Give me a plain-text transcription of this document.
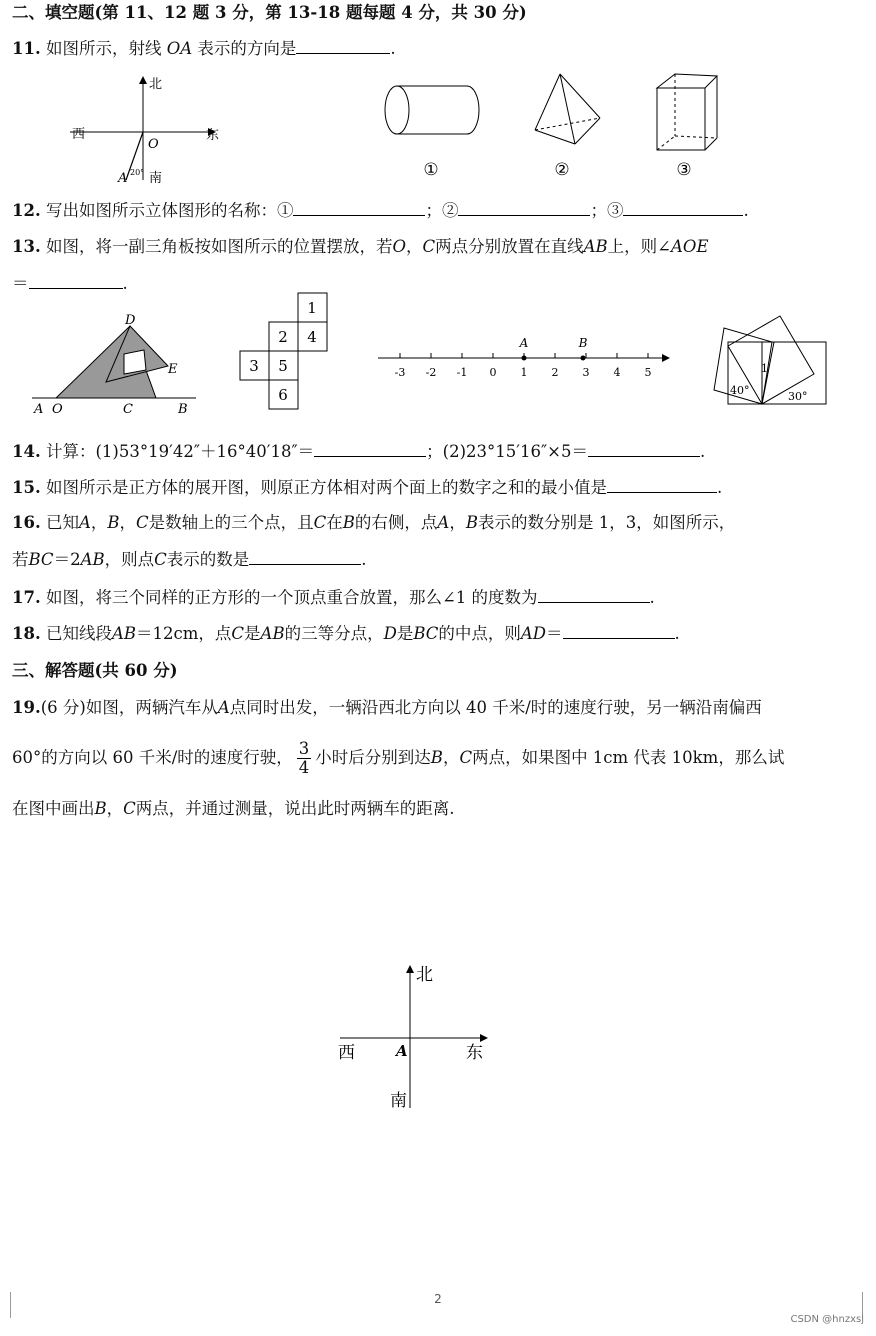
二、填空题(第 11、12 题 3 分，第 13-18 题每题 4 分，共 30 分)
11. 如图所示，射线 OA 表示的方向是	.
北
南
东
西
O
A 20°	①	②	③
12. 写出如图所示立体图形的名称：①	；②	；③	.
13. 如图，将一副三角板按如图所示的位置摆放，若O，C两点分别放置在直线AB上，则∠AOE
＝	.
A O	C	B
D
E
1
2 4
3 5
6
-3 -2 -1 0 1 2 3 4 5
A	B
1
40°	30°
14. 计算：(1)53°19′42″＋16°40′18″＝	；(2)23°15′16″×5＝	.
15. 如图所示是正方体的展开图，则原正方体相对两个面上的数字之和的最小值是	.
16. 已知A，B，C是数轴上的三个点，且C在B的右侧，点A，B表示的数分别是 1，3，如图所示，
若BC＝2AB，则点C表示的数是	.
17. 如图，将三个同样的正方形的一个顶点重合放置，那么∠1 的度数为	.
18. 已知线段AB＝12cm，点C是AB的三等分点，D是BC的中点，则AD＝	.
三、解答题(共 60 分)
19.(6 分)如图，两辆汽车从A点同时出发，一辆沿西北方向以 40 千米/时的速度行驶，另一辆沿南偏西
60°的方向以 60 千米/时的速度行驶， $\frac{3}{4}$ 小时后分别到达B，C两点，如果图中 1cm 代表 10km，那么试
在图中画出B，C两点，并通过测量，说出此时两辆车的距离.
北
南
东
西	A
2
CSDN @hnzxsj
